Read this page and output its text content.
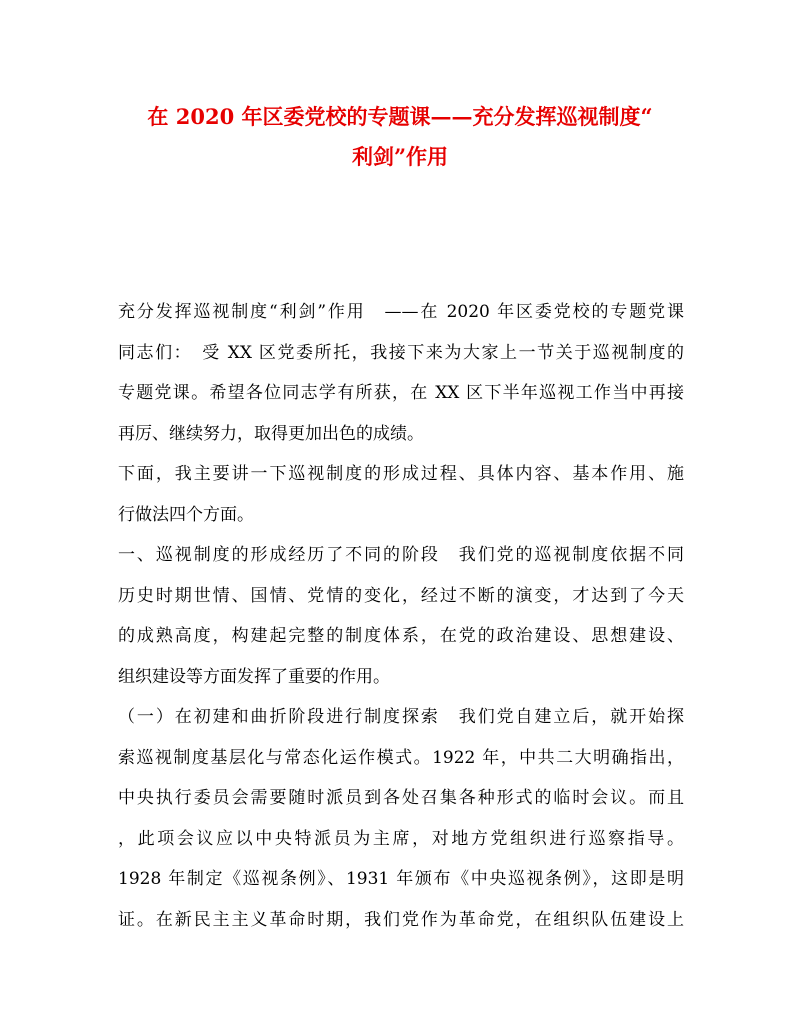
在 2020 年区委党校的专题课——充分发挥巡视制度“
利剑”作用
充分发挥巡视制度“利剑”作用　——在 2020 年区委党校的专题党课
同志们：　受 XX 区党委所托，我接下来为大家上一节关于巡视制度的
专题党课。希望各位同志学有所获，在 XX 区下半年巡视工作当中再接
再厉、继续努力，取得更加出色的成绩。
下面，我主要讲一下巡视制度的形成过程、具体内容、基本作用、施
行做法四个方面。
一、巡视制度的形成经历了不同的阶段　我们党的巡视制度依据不同
历史时期世情、国情、党情的变化，经过不断的演变，才达到了今天
的成熟高度，构建起完整的制度体系，在党的政治建设、思想建设、
组织建设等方面发挥了重要的作用。
（一）在初建和曲折阶段进行制度探索　我们党自建立后，就开始探
索巡视制度基层化与常态化运作模式。1922 年，中共二大明确指出，
中央执行委员会需要随时派员到各处召集各种形式的临时会议。而且
，此项会议应以中央特派员为主席，对地方党组织进行巡察指导。
1928 年制定《巡视条例》、1931 年颁布《中央巡视条例》，这即是明
证。在新民主主义革命时期，我们党作为革命党，在组织队伍建设上
